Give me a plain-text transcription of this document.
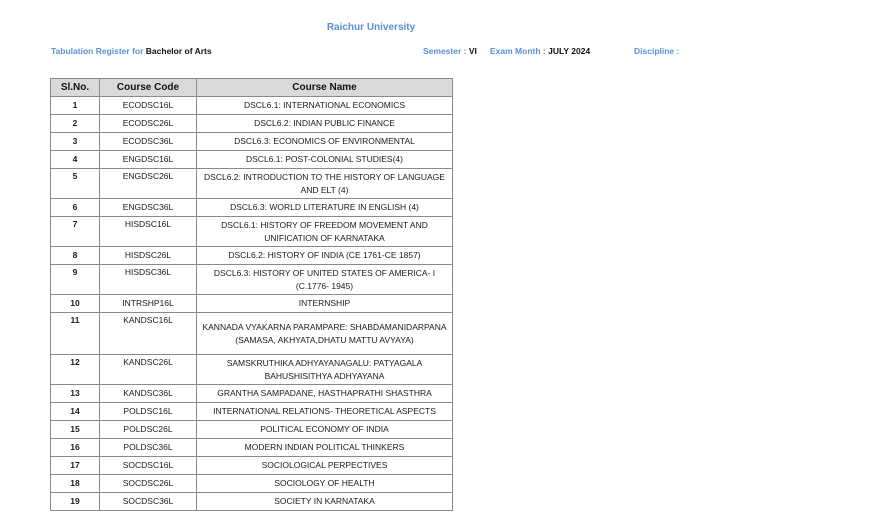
Raichur University
Tabulation Register for Bachelor of Arts	Semester : VI Exam Month : JULY 2024	Discipline :
Sl.No.	Course Code	Course Name
1	ECODSC16L	DSCL6.1: INTERNATIONAL ECONOMICS
2	ECODSC26L	DSCL6.2: INDIAN PUBLIC FINANCE
3	ECODSC36L	DSCL6.3: ECONOMICS OF ENVIRONMENTAL
4	ENGDSC16L	DSCL6.1: POST-COLONIAL STUDIES(4)
5	ENGDSC26L	DSCL6.2: INTRODUCTION TO THE HISTORY OF LANGUAGE AND ELT (4)
6	ENGDSC36L	DSCL6.3: WORLD LITERATURE IN ENGLISH (4)
7	HISDSC16L	DSCL6.1: HISTORY OF FREEDOM MOVEMENT AND UNIFICATION OF KARNATAKA
8	HISDSC26L	DSCL6.2: HISTORY OF INDIA (CE 1761-CE 1857)
9	HISDSC36L	DSCL6.3: HISTORY OF UNITED STATES OF AMERICA- I (C.1776- 1945)
10	INTRSHP16L	INTERNSHIP
11	KANDSC16L	KANNADA VYAKARNA PARAMPARE: SHABDAMANIDARPANA (SAMASA, AKHYATA,DHATU MATTU AVYAYA)
12	KANDSC26L	SAMSKRUTHIKA ADHYAYANAGALU: PATYAGALA BAHUSHISITHYA ADHYAYANA
13	KANDSC36L	GRANTHA SAMPADANE, HASTHAPRATHI SHASTHRA
14	POLDSC16L	INTERNATIONAL RELATIONS- THEORETICAL ASPECTS
15	POLDSC26L	POLITICAL ECONOMY OF INDIA
16	POLDSC36L	MODERN INDIAN POLITICAL THINKERS
17	SOCDSC16L	SOCIOLOGICAL PERPECTIVES
18	SOCDSC26L	SOCIOLOGY OF HEALTH
19	SOCDSC36L	SOCIETY IN KARNATAKA
